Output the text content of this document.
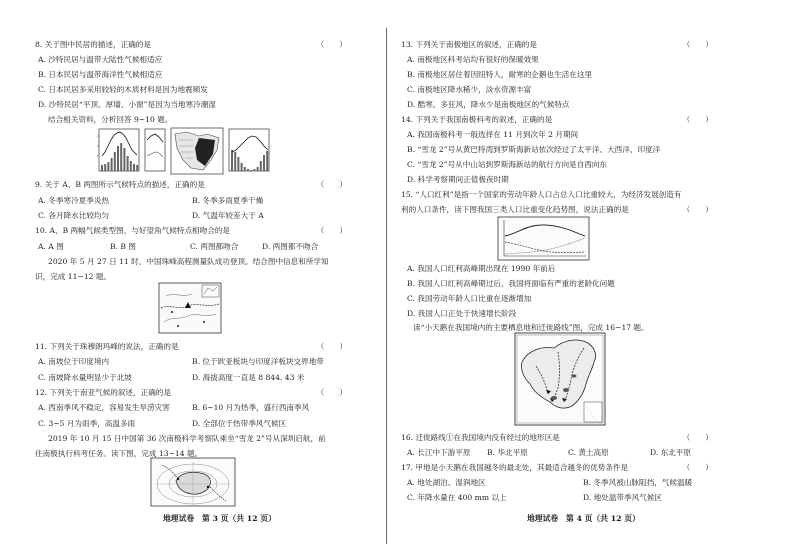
8. 关于图中民居的描述，正确的是	（　　）
A. 沙特民居与温带大陆性气候相适应
B. 日本民居与温带海洋性气候相适应
C. 日本民居多采用较轻的木质材料是因为地震频发
D. 沙特民居“平顶、厚墙、小窗”是因为当地寒冷潮湿
结合相关资料，分析回答 9~10 题。
9. 关于 A、B 两图所示气候特点的描述，正确的是	（　　）
A. 冬季寒冷夏季炎热	B. 冬季多雨夏季干燥
C. 各月降水比较均匀	D. 气温年较差大于 A
10. A、B 两幅气候类型图，与好望角气候特点相吻合的是	（　　）
A. A 图	B. B 图	C. 两图都吻合	D. 两图都不吻合
2020 年 5 月 27 日 11 时，中国珠峰高程测量队成功登顶。结合图中信息和所学知
识，完成 11~12 题。
11. 下列关于珠穆朗玛峰的说法，正确的是	（　　）
A. 南坡位于印度境内	B. 位于欧亚板块与印度洋板块交界地带
C. 南坡降水量明显少于北坡	D. 海拔高度一直是 8 844. 43 米
12. 下列关于南亚气候的叙述，正确的是	（　　）
A. 西南季风不稳定，容易发生旱涝灾害	B. 6~10 月为热季，盛行西南季风
C. 3~5 月为雨季，高温多雨	D. 全部位于热带季风气候区
2019 年 10 月 15 日中国第 36 次南极科学考察队乘坐“雪龙 2”号从深圳启航，前
往南极执行科考任务。读下图，完成 13~14 题。
地理试卷　第 3 页（共 12 页）
13. 下列关于南极地区的叙述，正确的是	（　　）
A. 南极地区科考站均有很好的保暖效果
B. 南极地区居住着因纽特人，耐寒的企鹅也生活在这里
C. 南极地区降水稀少，淡水资源丰富
D. 酷寒，多狂风，降水少是南极地区的气候特点
14. 下列关于我国南极科考的叙述，正确的是	（　　）
A. 我国南极科考一般选择在 11 月到次年 2 月期间
B. “雪龙 2”号从黄巴特湾到罗斯海新站依次经过了太平洋、大西洋、印度洋
C. “雪龙 2”号从中山站到罗斯海新站的航行方向是自西向东
D. 科学考察期间正值极夜时期
15. “人口红利”是指一个国家的劳动年龄人口占总人口比重较大，为经济发展创造有
利的人口条件，读下图我国三类人口比重变化趋势图，说法正确的是	（　　）
A. 我国人口红利高峰期出现在 1990 年前后
B. 我国人口红利高峰期过后，我国将面临有严重的老龄化问题
C. 我国劳动年龄人口比重在逐渐增加
D. 我国人口正处于快速增长阶段
读“小天鹅在我国境内的主要栖息地和迁徙路线”图，完成 16~17 题。
16. 迁徙路线①在我国境内没有经过的地形区是	（　　）
A. 长江中下游平原	B. 华北平原	C. 黄土高原	D. 东北平原
17. 甲地是小天鹅在我国越冬的最北处，其最适合越冬的优势条件是	（　　）
A. 地处湖泊、湿润地区	B. 冬季风被山脉阻挡，气候温暖
C. 年降水量在 400 mm 以上	D. 地处温带季风气候区
地理试卷　第 4 页（共 12 页）
